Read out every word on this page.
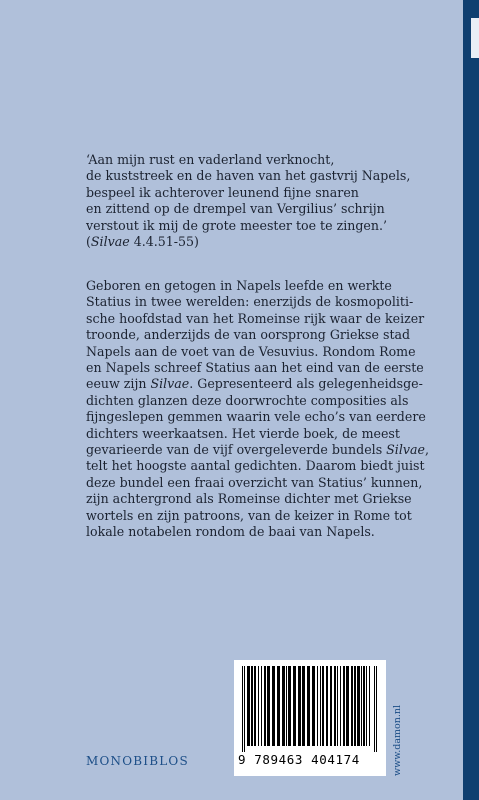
‘Aan mijn rust en vaderland verknocht,
de kuststreek en de haven van het gastvrij Napels,
bespeel ik achterover leunend fijne snaren
en zittend op de drempel van Vergilius’ schrijn
verstout ik mij de grote meester toe te zingen.’
(Silvae 4.4.51-55)
Geboren en getogen in Napels leefde en werkte
Statius in twee werelden: enerzijds de kosmopoliti-
sche hoofdstad van het Romeinse rijk waar de keizer
troonde, anderzijds de van oorsprong Griekse stad
Napels aan de voet van de Vesuvius. Rondom Rome
en Napels schreef Statius aan het eind van de eerste
eeuw zijn Silvae. Gepresenteerd als gelegenheidsge-
dichten glanzen deze doorwrochte composities als
fijngeslepen gemmen waarin vele echo’s van eerdere
dichters weerkaatsen. Het vierde boek, de meest
gevarieerde van de vijf overgeleverde bundels Silvae,
telt het hoogste aantal gedichten. Daarom biedt juist
deze bundel een fraai overzicht van Statius’ kunnen,
zijn achtergrond als Romeinse dichter met Griekse
wortels en zijn patroons, van de keizer in Rome tot
lokale notabelen rondom de baai van Napels.
MONOBIBLOS	9 789463 404174	www.damon.nl
